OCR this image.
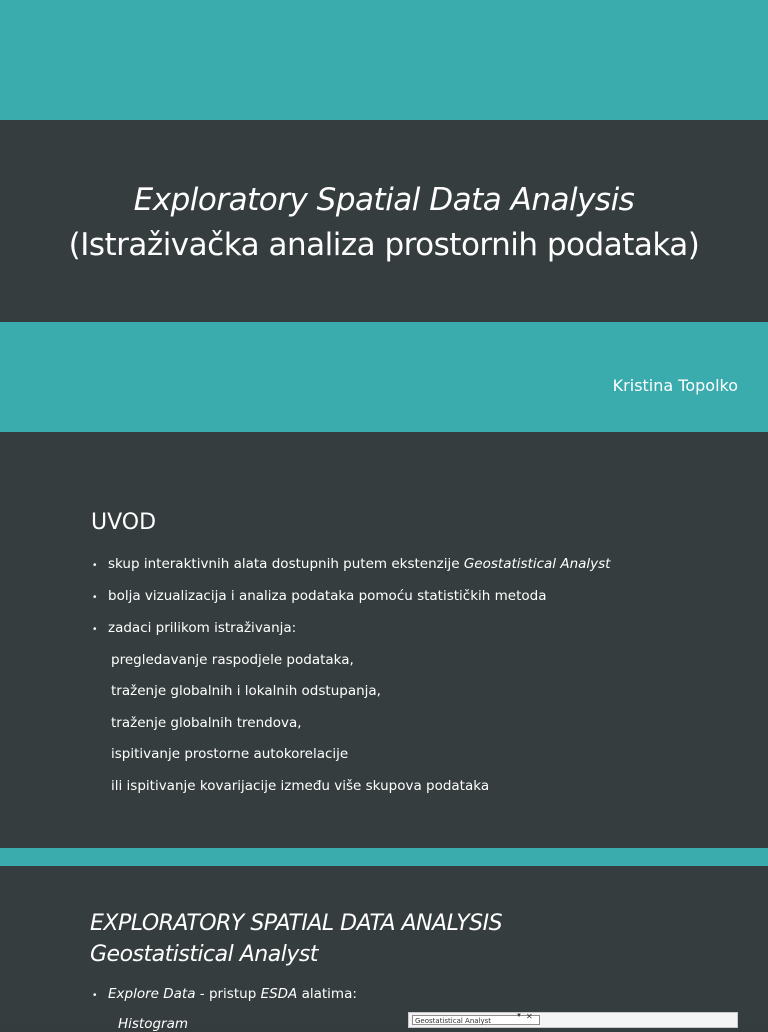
Exploratory Spatial Data Analysis
(Istraživačka analiza prostornih podataka)
Kristina Topolko
UVOD
• skup interaktivnih alata dostupnih putem ekstenzije Geostatistical Analyst
• bolja vizualizacija i analiza podataka pomoću statističkih metoda
• zadaci prilikom istraživanja:
pregledavanje raspodjele podataka,
traženje globalnih i lokalnih odstupanja,
traženje globalnih trendova,
ispitivanje prostorne autokorelacije
ili ispitivanje kovarijacije između više skupova podataka
EXPLORATORY SPATIAL DATA ANALYSIS
Geostatistical Analyst
• Explore Data - pristup ESDA alatima:
Histogram	Geostatistical Analyst
▼ ✕
